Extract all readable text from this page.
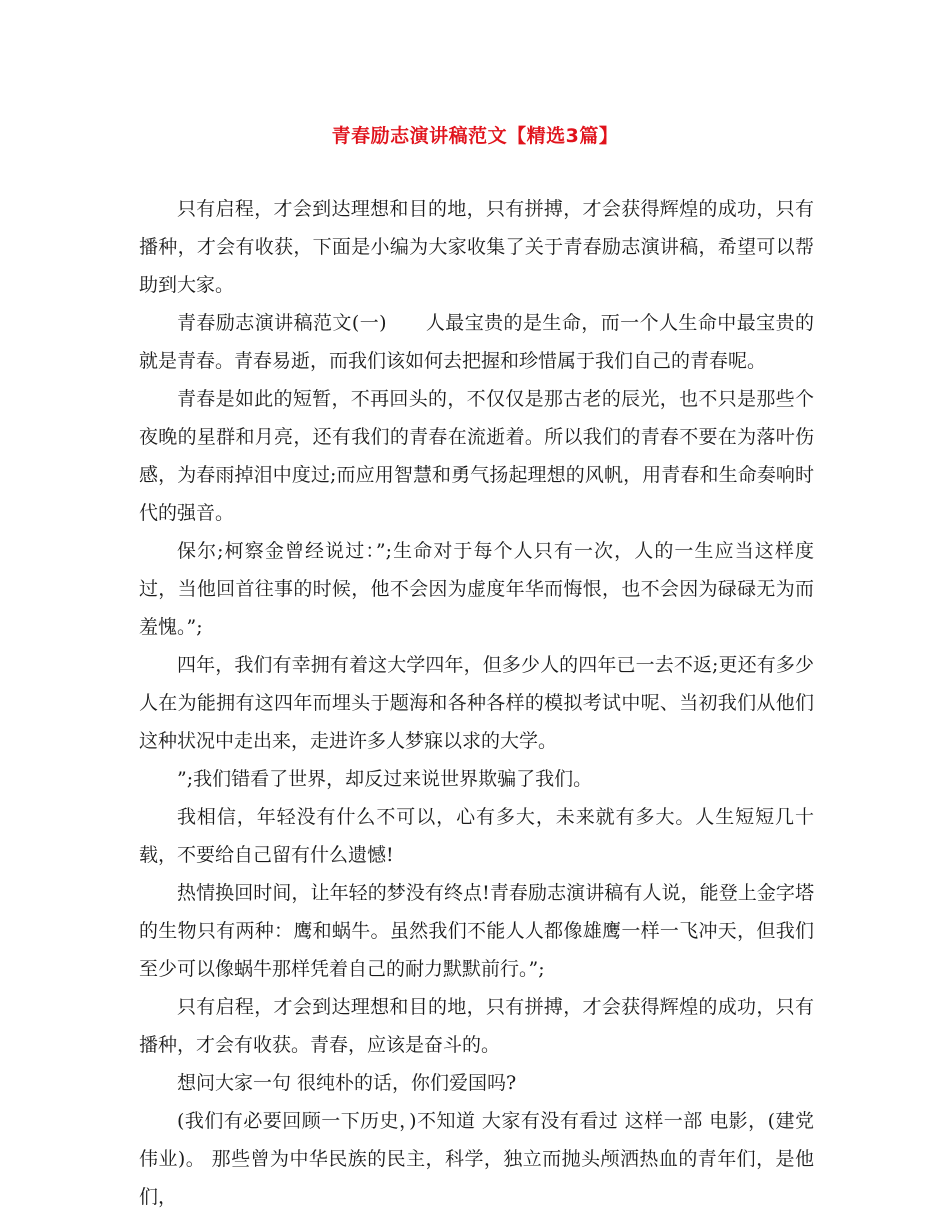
青春励志演讲稿范文【精选3篇】

只有启程，才会到达理想和目的地，只有拼搏，才会获得辉煌的成功，只有播种，才会有收获，下面是小编为大家收集了关于青春励志演讲稿，希望可以帮助到大家。

青春励志演讲稿范文(一)　　人最宝贵的是生命，而一个人生命中最宝贵的就是青春。青春易逝，而我们该如何去把握和珍惜属于我们自己的青春呢。

青春是如此的短暂，不再回头的，不仅仅是那古老的辰光，也不只是那些个夜晚的星群和月亮，还有我们的青春在流逝着。所以我们的青春不要在为落叶伤感，为春雨掉泪中度过;而应用智慧和勇气扬起理想的风帆，用青春和生命奏响时代的强音。

保尔;柯察金曾经说过：”;生命对于每个人只有一次，人的一生应当这样度过，当他回首往事的时候，他不会因为虚度年华而悔恨，也不会因为碌碌无为而羞愧。”;

四年，我们有幸拥有着这大学四年，但多少人的四年已一去不返;更还有多少人在为能拥有这四年而埋头于题海和各种各样的模拟考试中呢、当初我们从他们这种状况中走出来，走进许多人梦寐以求的大学。

”;我们错看了世界，却反过来说世界欺骗了我们。

我相信，年轻没有什么不可以，心有多大，未来就有多大。人生短短几十载，不要给自己留有什么遗憾!

热情换回时间，让年轻的梦没有终点!青春励志演讲稿有人说，能登上金字塔的生物只有两种：鹰和蜗牛。虽然我们不能人人都像雄鹰一样一飞冲天，但我们至少可以像蜗牛那样凭着自己的耐力默默前行。”;

只有启程，才会到达理想和目的地，只有拼搏，才会获得辉煌的成功，只有播种，才会有收获。青春，应该是奋斗的。

想问大家一句 很纯朴的话，你们爱国吗?

(我们有必要回顾一下历史，)不知道 大家有没有看过 这样一部 电影，(建党伟业)。 那些曾为中华民族的民主，科学，独立而抛头颅洒热血的青年们，是他们，
